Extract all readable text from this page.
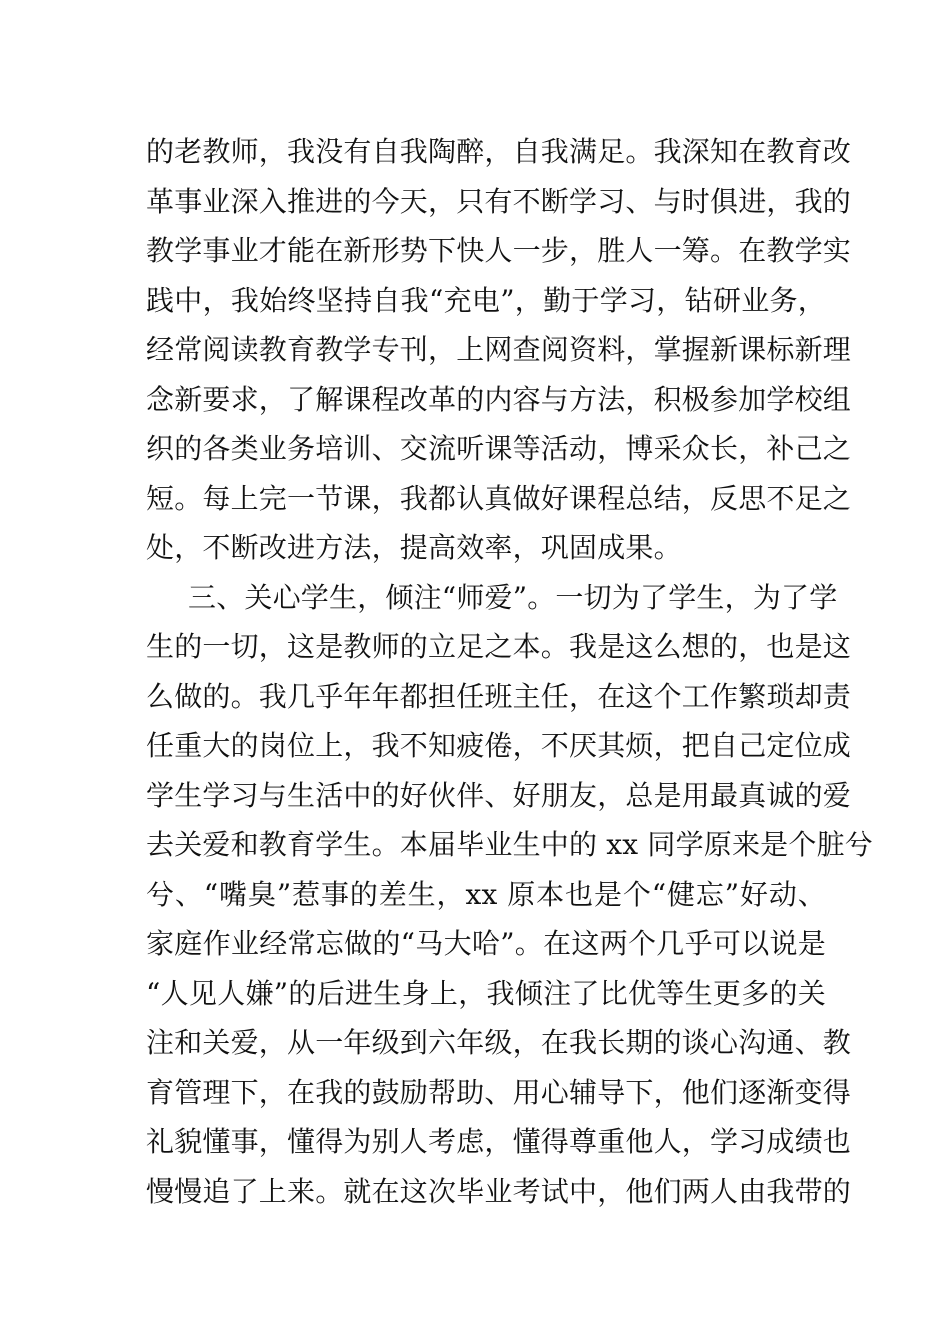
的老教师，我没有自我陶醉，自我满足。我深知在教育改
革事业深入推进的今天，只有不断学习、与时俱进，我的
教学事业才能在新形势下快人一步，胜人一筹。在教学实
践中，我始终坚持自我“充电”，勤于学习，钻研业务，
经常阅读教育教学专刊，上网查阅资料，掌握新课标新理
念新要求，了解课程改革的内容与方法，积极参加学校组
织的各类业务培训、交流听课等活动，博采众长，补己之
短。每上完一节课，我都认真做好课程总结，反思不足之
处，不断改进方法，提高效率，巩固成果。
三、关心学生，倾注“师爱”。一切为了学生，为了学
生的一切，这是教师的立足之本。我是这么想的，也是这
么做的。我几乎年年都担任班主任，在这个工作繁琐却责
任重大的岗位上，我不知疲倦，不厌其烦，把自己定位成
学生学习与生活中的好伙伴、好朋友，总是用最真诚的爱
去关爱和教育学生。本届毕业生中的 xx 同学原来是个脏兮
兮、“嘴臭”惹事的差生，xx 原本也是个“健忘”好动、
家庭作业经常忘做的“马大哈”。在这两个几乎可以说是
“人见人嫌”的后进生身上，我倾注了比优等生更多的关
注和关爱，从一年级到六年级，在我长期的谈心沟通、教
育管理下，在我的鼓励帮助、用心辅导下，他们逐渐变得
礼貌懂事，懂得为别人考虑，懂得尊重他人，学习成绩也
慢慢追了上来。就在这次毕业考试中，他们两人由我带的
